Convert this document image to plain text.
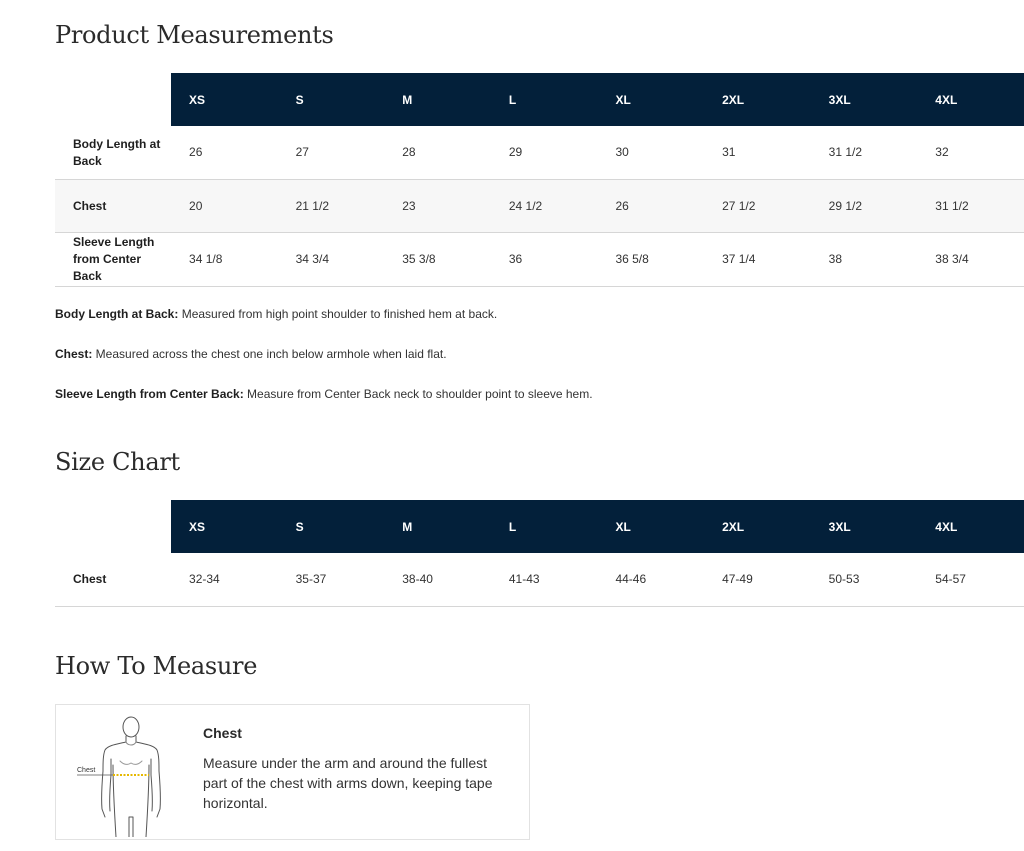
Product Measurements
	XS	S	M	L	XL	2XL	3XL	4XL
Body Length at Back	26	27	28	29	30	31	31 1/2	32
Chest	20	21 1/2	23	24 1/2	26	27 1/2	29 1/2	31 1/2
Sleeve Length from Center Back	34 1/8	34 3/4	35 3/8	36	36 5/8	37 1/4	38	38 3/4

Body Length at Back: Measured from high point shoulder to finished hem at back.

Chest: Measured across the chest one inch below armhole when laid flat.

Sleeve Length from Center Back: Measure from Center Back neck to shoulder point to sleeve hem.

Size Chart
	XS	S	M	L	XL	2XL	3XL	4XL
Chest	32-34	35-37	38-40	41-43	44-46	47-49	50-53	54-57
How To Measure
Chest

Chest

Measure under the arm and around the fullest part of the chest with arms down, keeping tape horizontal.
